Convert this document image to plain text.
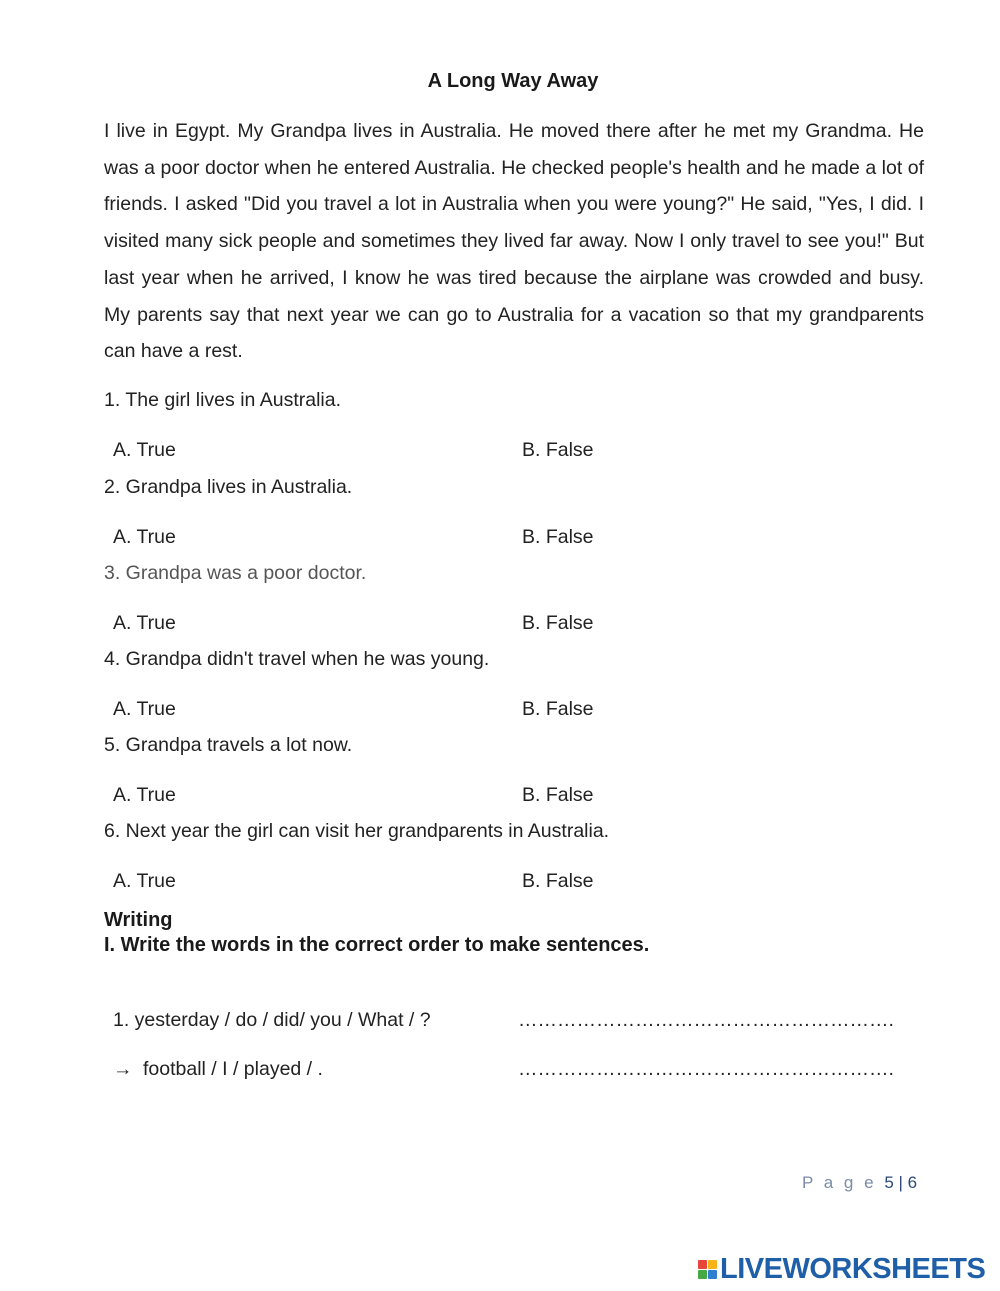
A Long Way Away

I live in Egypt. My Grandpa lives in Australia. He moved there after he met my Grandma. He was a poor doctor when he entered Australia. He checked people's health and he made a lot of friends. I asked "Did you travel a lot in Australia when you were young?" He said, "Yes, I did. I visited many sick people and sometimes they lived far away. Now I only travel to see you!" But last year when he arrived, I know he was tired because the airplane was crowded and busy. My parents say that next year we can go to Australia for a vacation so that my grandparents can have a rest.

1. The girl lives in Australia.
A. True	B. False
2. Grandpa lives in Australia.
A. True	B. False
3. Grandpa was a poor doctor.
A. True	B. False
4. Grandpa didn't travel when he was young.
A. True	B. False
5. Grandpa travels a lot now.
A. True	B. False
6. Next year the girl can visit her grandparents in Australia.
A. True	B. False
Writing
I. Write the words in the correct order to make sentences.
1. yesterday / do / did/ you / What / ?	………………………………………………….
→ football / I / played / .	………………………………………………….
P a g e 5 | 6
LIVEWORKSHEETS
